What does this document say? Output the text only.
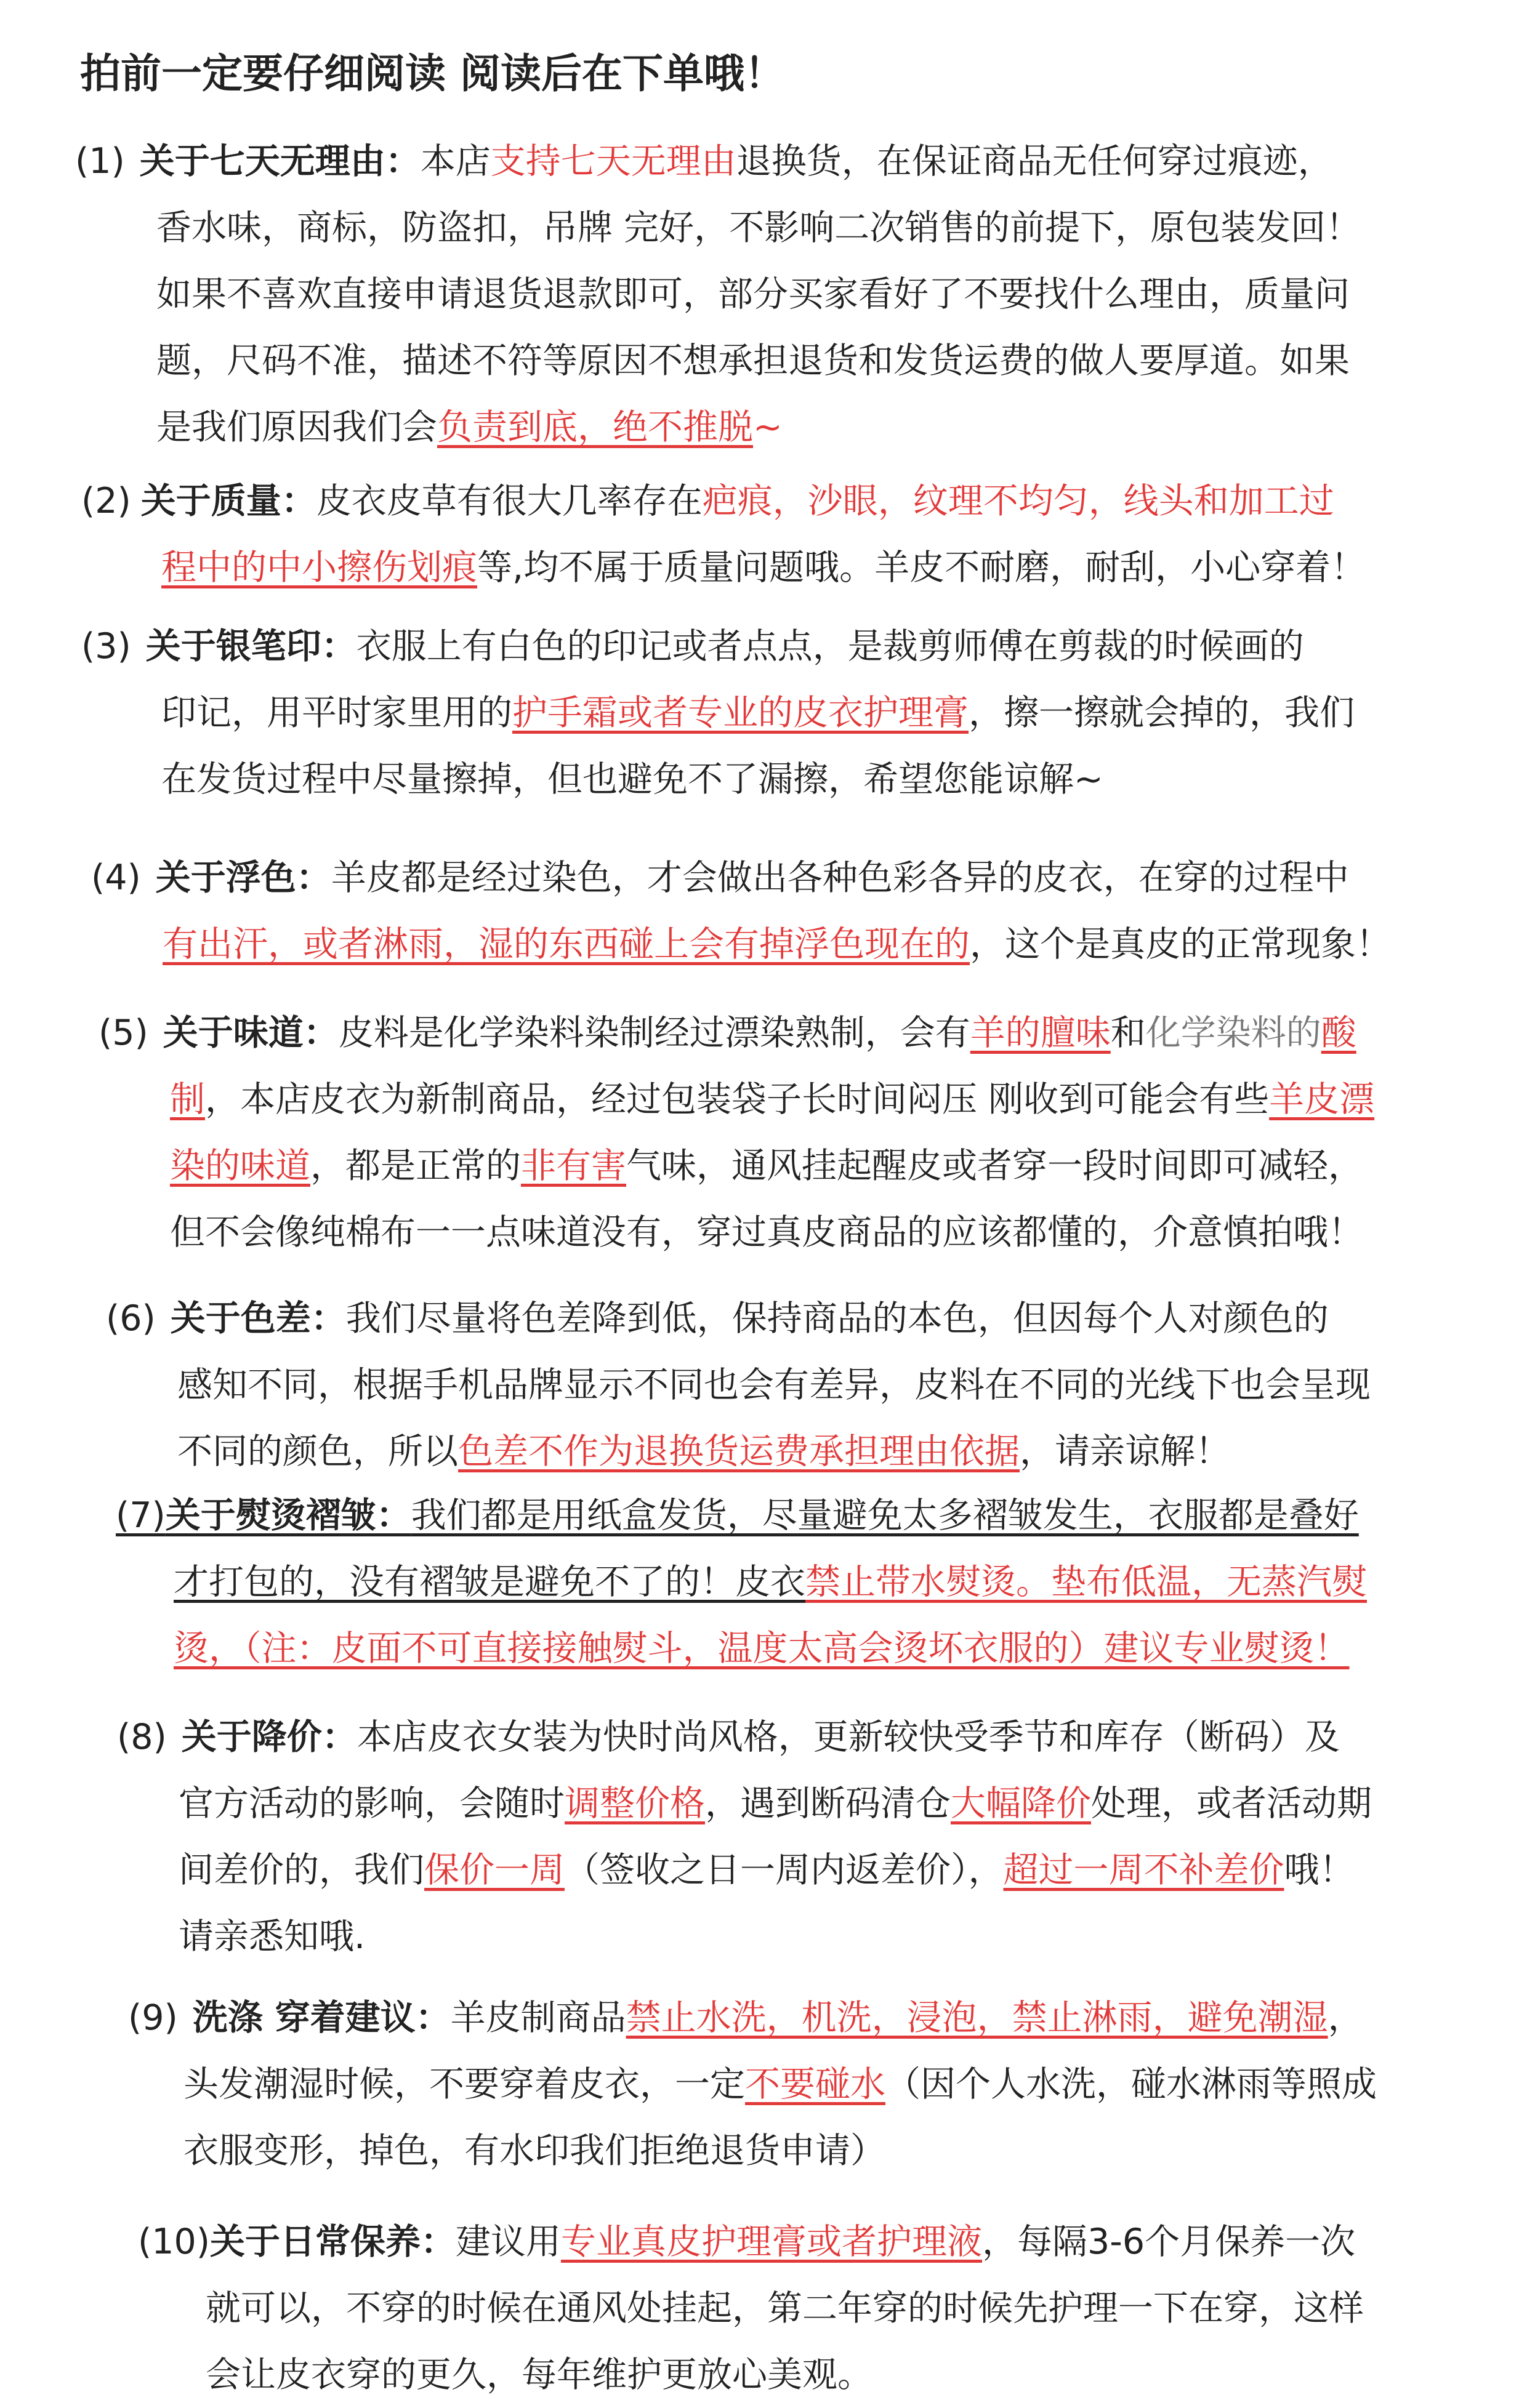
拍前一定要仔细阅读 阅读后在下单哦！
(1) 关于七天无理由：本店支持七天无理由退换货，在保证商品无任何穿过痕迹，
香水味，商标，防盗扣，吊牌 完好，不影响二次销售的前提下，原包装发回！
如果不喜欢直接申请退货退款即可，部分买家看好了不要找什么理由，质量问
题，尺码不准，描述不符等原因不想承担退货和发货运费的做人要厚道。如果
是我们原因我们会负责到底，绝不推脱~
(2) 关于质量：皮衣皮草有很大几率存在疤痕，沙眼，纹理不均匀，线头和加工过
程中的中小擦伤划痕等,均不属于质量问题哦。羊皮不耐磨，耐刮，小心穿着！
(3) 关于银笔印：衣服上有白色的印记或者点点，是裁剪师傅在剪裁的时候画的
印记，用平时家里用的护手霜或者专业的皮衣护理膏，擦一擦就会掉的，我们
在发货过程中尽量擦掉，但也避免不了漏擦，希望您能谅解~
(4) 关于浮色：羊皮都是经过染色，才会做出各种色彩各异的皮衣，在穿的过程中
有出汗，或者淋雨，湿的东西碰上会有掉浮色现在的，这个是真皮的正常现象！
(5) 关于味道：皮料是化学染料染制经过漂染熟制，会有羊的膻味和化学染料的酸
制，本店皮衣为新制商品，经过包装袋子长时间闷压 刚收到可能会有些羊皮漂
染的味道，都是正常的非有害气味，通风挂起醒皮或者穿一段时间即可减轻，
但不会像纯棉布一一点味道没有，穿过真皮商品的应该都懂的，介意慎拍哦！
(6) 关于色差：我们尽量将色差降到低，保持商品的本色，但因每个人对颜色的
感知不同，根据手机品牌显示不同也会有差异，皮料在不同的光线下也会呈现
不同的颜色，所以色差不作为退换货运费承担理由依据，请亲谅解！
(7)关于熨烫褶皱：我们都是用纸盒发货，尽量避免太多褶皱发生，衣服都是叠好
才打包的，没有褶皱是避免不了的！皮衣禁止带水熨烫。垫布低温，无蒸汽熨
烫，（注：皮面不可直接接触熨斗，温度太高会烫坏衣服的）建议专业熨烫！
(8) 关于降价：本店皮衣女装为快时尚风格，更新较快受季节和库存（断码）及
官方活动的影响，会随时调整价格，遇到断码清仓大幅降价处理，或者活动期
间差价的，我们保价一周（签收之日一周内返差价），超过一周不补差价哦！
请亲悉知哦.
(9) 洗涤 穿着建议：羊皮制商品禁止水洗，机洗，浸泡，禁止淋雨，避免潮湿，
头发潮湿时候，不要穿着皮衣，一定不要碰水（因个人水洗，碰水淋雨等照成
衣服变形，掉色，有水印我们拒绝退货申请）
(10)关于日常保养：建议用专业真皮护理膏或者护理液，每隔3-6个月保养一次
就可以，不穿的时候在通风处挂起，第二年穿的时候先护理一下在穿，这样
会让皮衣穿的更久，每年维护更放心美观。
